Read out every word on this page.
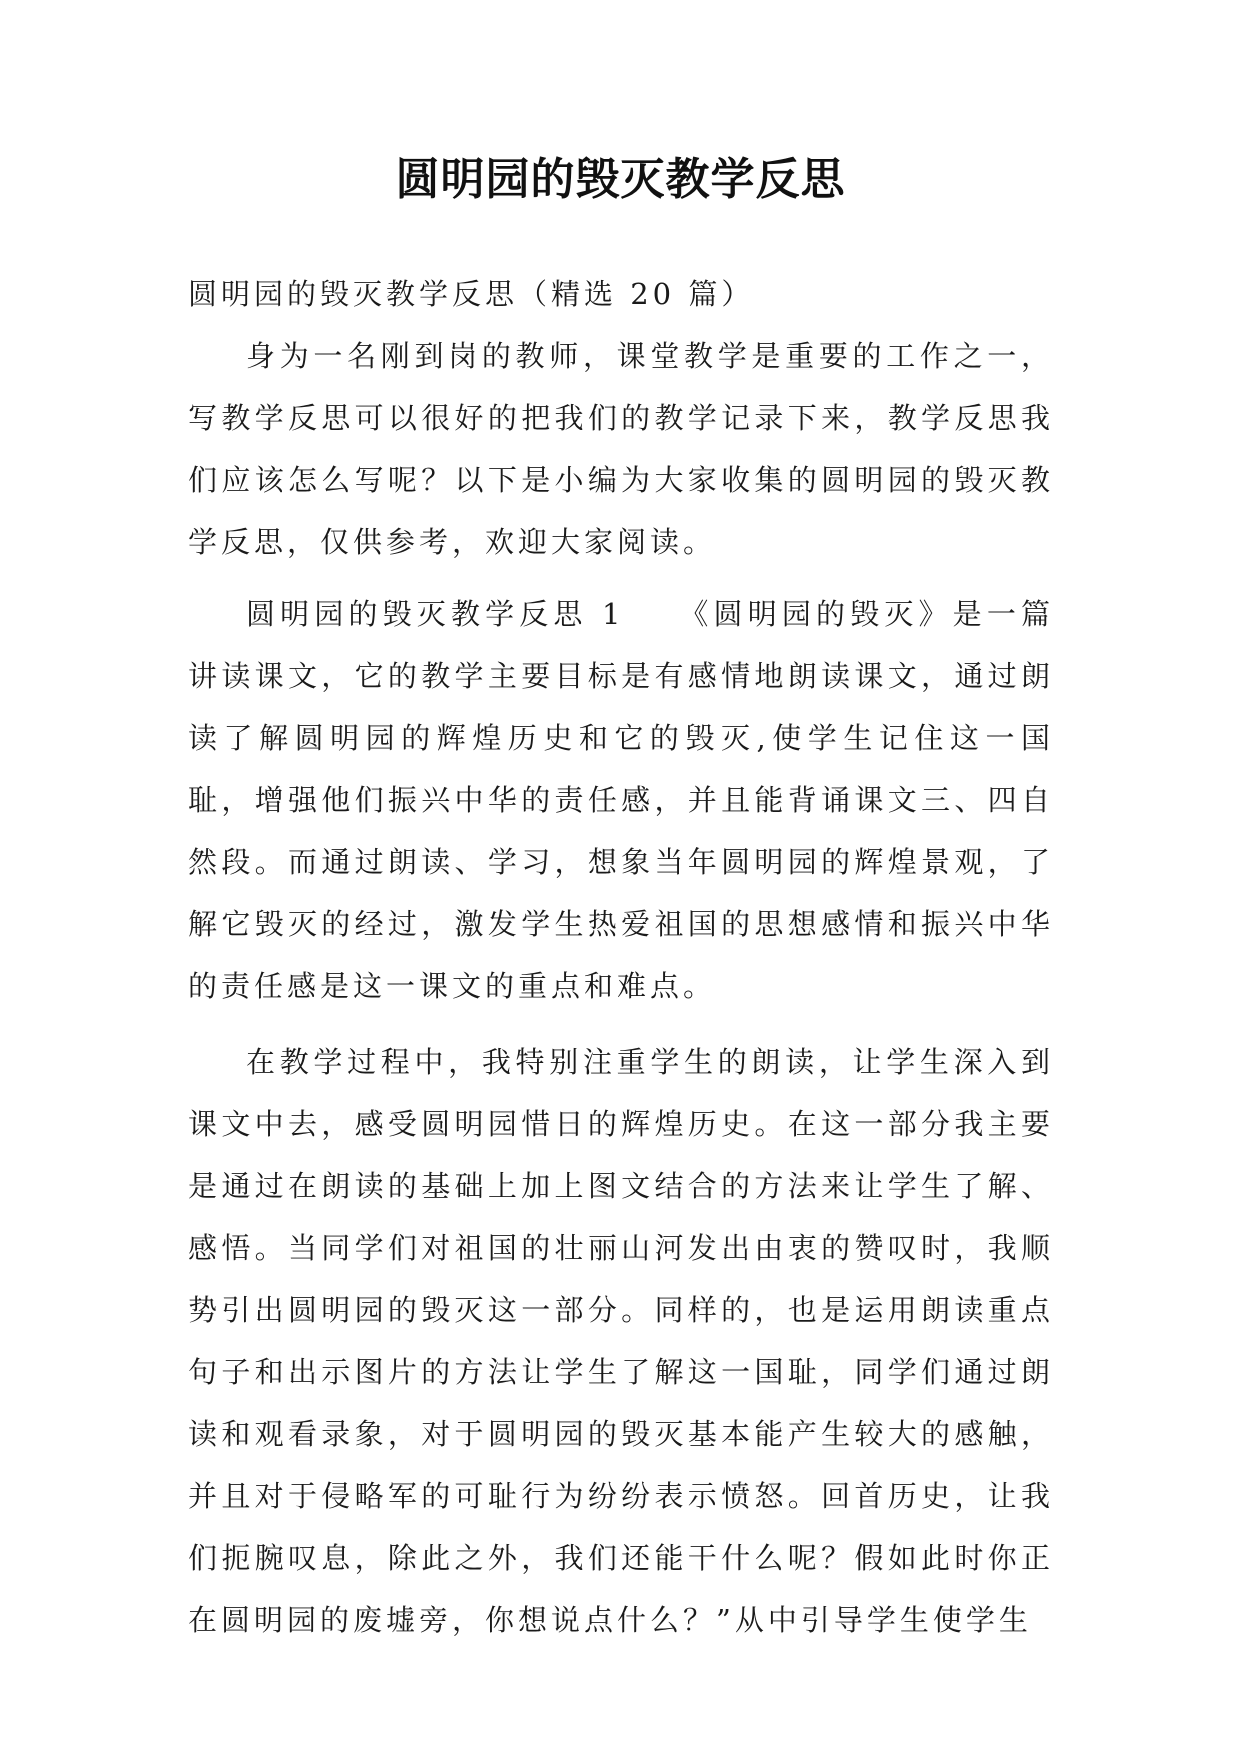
圆明园的毁灭教学反思

圆明园的毁灭教学反思（精选 20 篇）

身为一名刚到岗的教师，课堂教学是重要的工作之一，写教学反思可以很好的把我们的教学记录下来，教学反思我们应该怎么写呢？以下是小编为大家收集的圆明园的毁灭教学反思，仅供参考，欢迎大家阅读。

圆明园的毁灭教学反思 1　　《圆明园的毁灭》是一篇讲读课文，它的教学主要目标是有感情地朗读课文，通过朗读了解圆明园的辉煌历史和它的毁灭,使学生记住这一国耻，增强他们振兴中华的责任感，并且能背诵课文三、四自然段。而通过朗读、学习，想象当年圆明园的辉煌景观，了解它毁灭的经过，激发学生热爱祖国的思想感情和振兴中华的责任感是这一课文的重点和难点。

在教学过程中，我特别注重学生的朗读，让学生深入到课文中去，感受圆明园惜日的辉煌历史。在这一部分我主要是通过在朗读的基础上加上图文结合的方法来让学生了解、感悟。当同学们对祖国的壮丽山河发出由衷的赞叹时，我顺势引出圆明园的毁灭这一部分。同样的，也是运用朗读重点句子和出示图片的方法让学生了解这一国耻，同学们通过朗读和观看录象，对于圆明园的毁灭基本能产生较大的感触，并且对于侵略军的可耻行为纷纷表示愤怒。回首历史，让我们扼腕叹息，除此之外，我们还能干什么呢？假如此时你正在圆明园的废墟旁，你想说点什么？”从中引导学生使学生
